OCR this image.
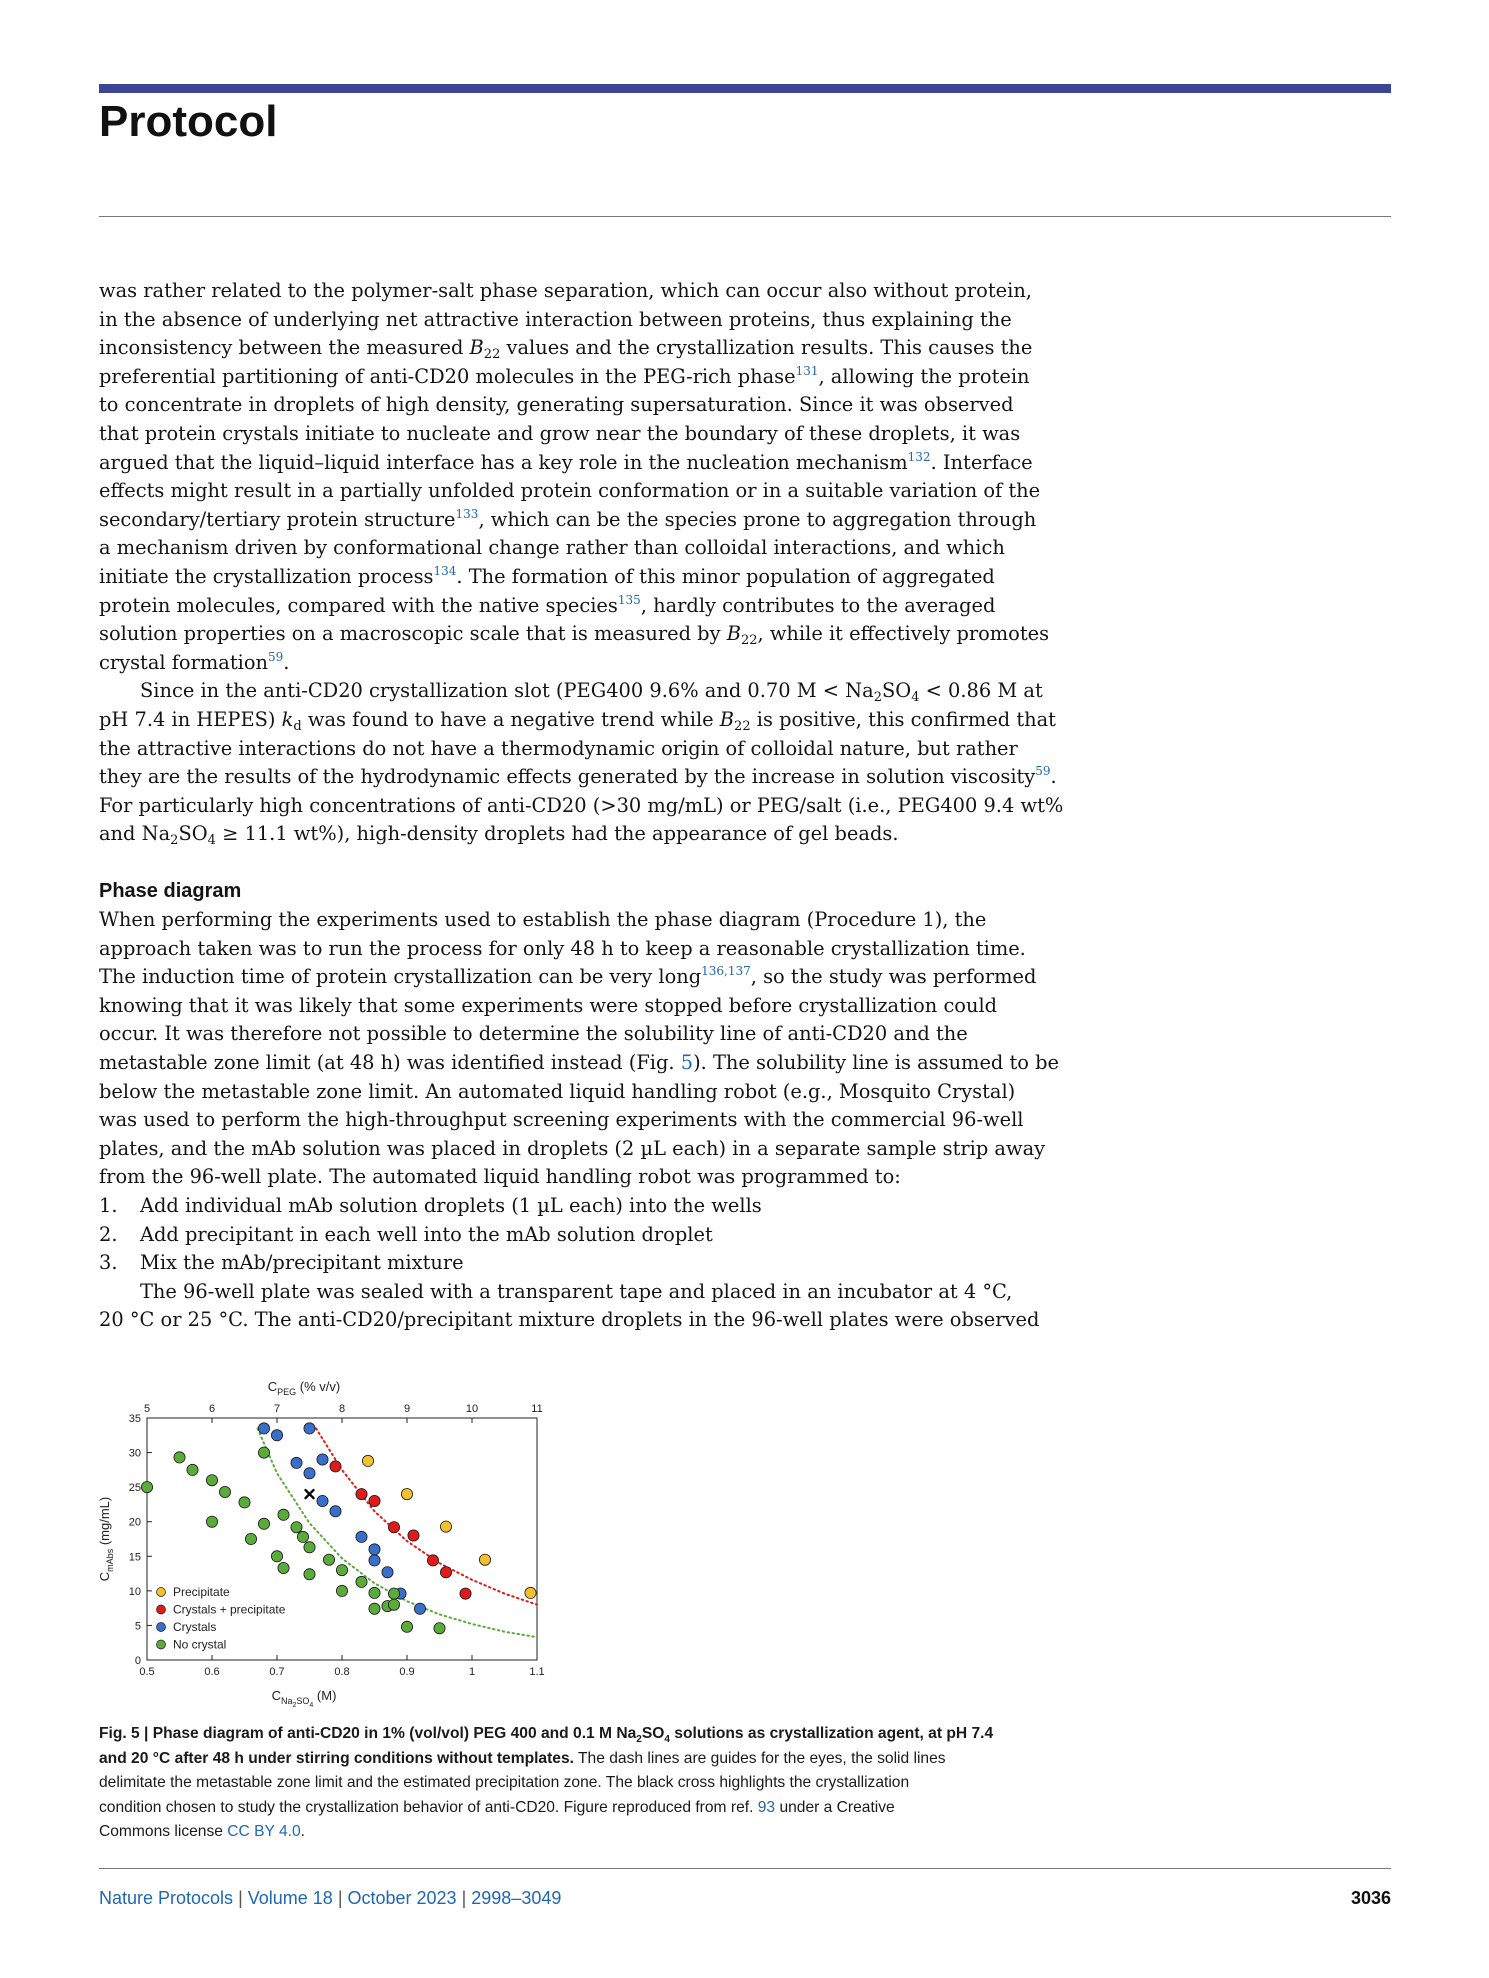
Protocol
was rather related to the polymer-salt phase separation, which can occur also without protein,
in the absence of underlying net attractive interaction between proteins, thus explaining the
inconsistency between the measured $B_{22}$ values and the crystallization results. This causes the
preferential partitioning of anti-CD20 molecules in the PEG-rich phase$^{131}$, allowing the protein
to concentrate in droplets of high density, generating supersaturation. Since it was observed
that protein crystals initiate to nucleate and grow near the boundary of these droplets, it was
argued that the liquid–liquid interface has a key role in the nucleation mechanism$^{132}$. Interface
effects might result in a partially unfolded protein conformation or in a suitable variation of the
secondary/tertiary protein structure$^{133}$, which can be the species prone to aggregation through
a mechanism driven by conformational change rather than colloidal interactions, and which
initiate the crystallization process$^{134}$. The formation of this minor population of aggregated
protein molecules, compared with the native species$^{135}$, hardly contributes to the averaged
solution properties on a macroscopic scale that is measured by $B_{22}$, while it effectively promotes
crystal formation$^{59}$.
Since in the anti-CD20 crystallization slot (PEG400 9.6% and 0.70 $M < Na_2SO_4 < 0.86$ M at
pH 7.4 in HEPES) $k_d$ was found to have a negative trend while $B_{22}$ is positive, this confirmed that
the attractive interactions do not have a thermodynamic origin of colloidal nature, but rather
they are the results of the hydrodynamic effects generated by the increase in solution viscosity$^{59}$.
For particularly high concentrations of anti-CD20 (>30 mg/mL) or PEG/salt (i.e., PEG400 9.4 wt%
and $Na_2SO_4 \ge 11.1$ wt%), high-density droplets had the appearance of gel beads.
Phase diagram
When performing the experiments used to establish the phase diagram (Procedure 1), the
approach taken was to run the process for only 48 h to keep a reasonable crystallization time.
The induction time of protein crystallization can be very long$^{136,137}$, so the study was performed
knowing that it was likely that some experiments were stopped before crystallization could
occur. It was therefore not possible to determine the solubility line of anti-CD20 and the
metastable zone limit (at 48 h) was identified instead (Fig. 5). The solubility line is assumed to be
below the metastable zone limit. An automated liquid handling robot (e.g., Mosquito Crystal)
was used to perform the high-throughput screening experiments with the commercial 96-well
plates, and the mAb solution was placed in droplets (2 µL each) in a separate sample strip away
from the 96-well plate. The automated liquid handling robot was programmed to:
1.	Add individual mAb solution droplets (1 µL each) into the wells
2.	Add precipitant in each well into the mAb solution droplet
3.	Mix the mAb/precipitant mixture
The 96-well plate was sealed with a transparent tape and placed in an incubator at 4 °C,
20 °C or 25 °C. The anti-CD20/precipitant mixture droplets in the 96-well plates were observed
0.5	0.6	0.7	0.8	0.9	1	1.1
0
5
10
15
20
25
30
35
5	6	7	8	9	10	11
Precipitate
Crystals + precipitate
Crystals
No crystal
$C_{PEG}$ (% v/v)
$C_{Na2}^{SO}_4$ (M)
$C_{mAbs}$ (mg/mL)
Fig. 5 | Phase diagram of anti-CD20 in 1% (vol/vol) PEG 400 and 0.1 M $Na_2SO_4$ solutions as crystallization agent, at pH 7.4
and 20 °C after 48 h under stirring conditions without templates. The dash lines are guides for the eyes, the solid lines
delimitate the metastable zone limit and the estimated precipitation zone. The black cross highlights the crystallization
condition chosen to study the crystallization behavior of anti-CD20. Figure reproduced from ref. 93 under a Creative
Commons license CC BY 4.0.
Nature Protocols | Volume 18 | October 2023 | 2998–3049	3036
